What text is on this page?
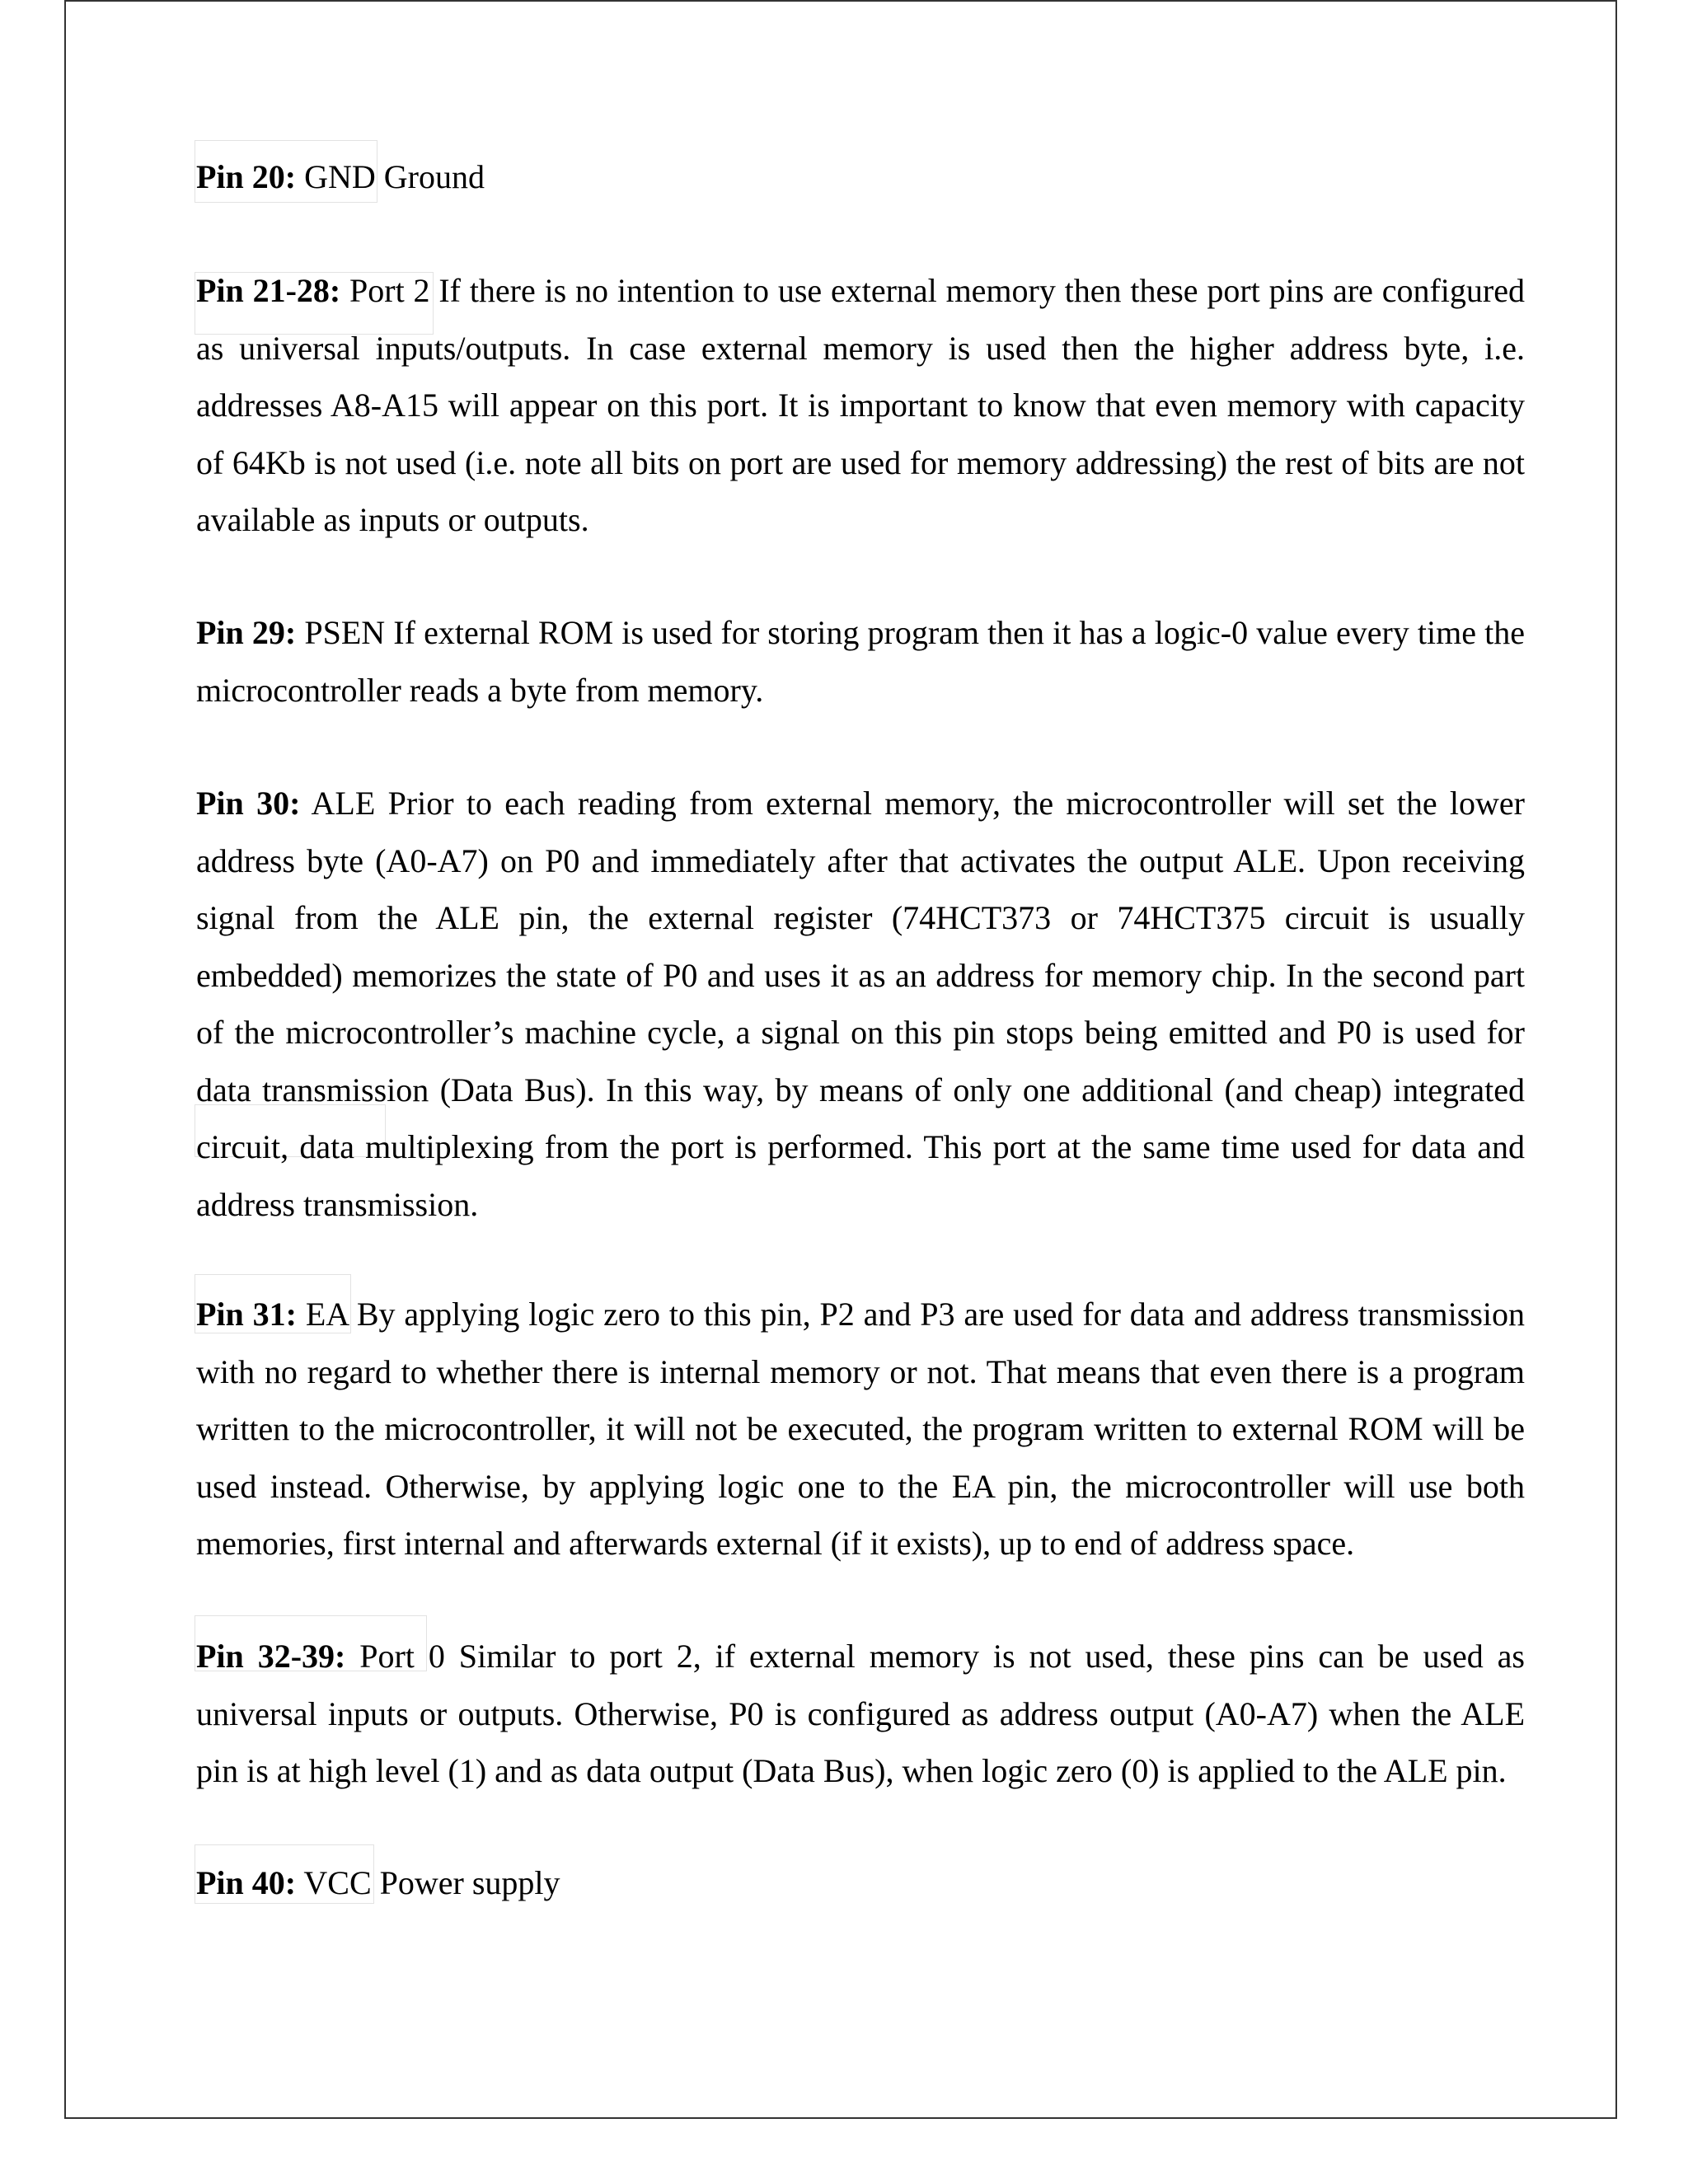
Pin 20: GND Ground

Pin 21-28: Port 2 If there is no intention to use external memory then these port pins are configured as universal inputs/outputs. In case external memory is used then the higher address byte, i.e. addresses A8-A15 will appear on this port. It is important to know that even memory with capacity of 64Kb is not used (i.e. note all bits on port are used for memory addressing) the rest of bits are not available as inputs or outputs.

Pin 29: PSEN If external ROM is used for storing program then it has a logic-0 value every time the microcontroller reads a byte from memory.

Pin 30: ALE Prior to each reading from external memory, the microcontroller will set the lower address byte (A0-A7) on P0 and immediately after that activates the output ALE. Upon receiving signal from the ALE pin, the external register (74HCT373 or 74HCT375 circuit is usually embedded) memorizes the state of P0 and uses it as an address for memory chip. In the second part of the microcontroller’s machine cycle, a signal on this pin stops being emitted and P0 is used for data transmission (Data Bus). In this way, by means of only one additional (and cheap) integrated circuit, data multiplexing from the port is performed. This port at the same time used for data and address transmission.

Pin 31: EA By applying logic zero to this pin, P2 and P3 are used for data and address transmission with no regard to whether there is internal memory or not. That means that even there is a program written to the microcontroller, it will not be executed, the program written to external ROM will be used instead. Otherwise, by applying logic one to the EA pin, the microcontroller will use both memories, first internal and afterwards external (if it exists), up to end of address space.

Pin 32-39: Port 0 Similar to port 2, if external memory is not used, these pins can be used as universal inputs or outputs. Otherwise, P0 is configured as address output (A0-A7) when the ALE pin is at high level (1) and as data output (Data Bus), when logic zero (0) is applied to the ALE pin.

Pin 40: VCC Power supply
